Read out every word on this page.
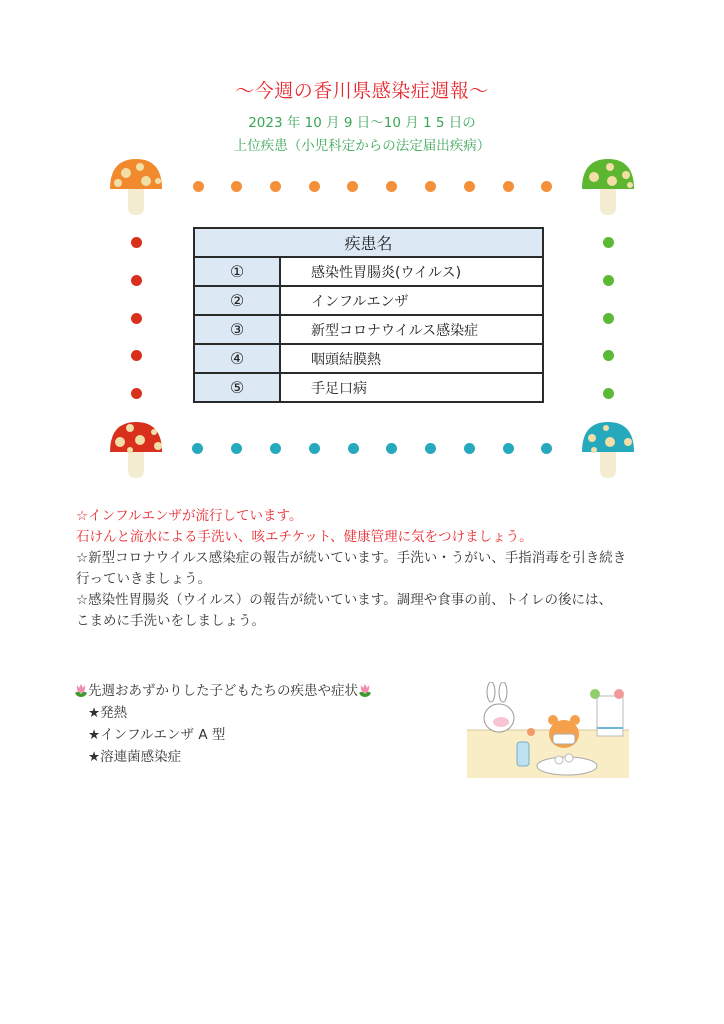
～今週の香川県感染症週報～
2023 年 10 月 9 日～10 月 1 5 日の
上位疾患（小児科定からの法定届出疾病）
疾患名	
①	感染性胃腸炎(ウイルス)
②	インフルエンザ
③	新型コロナウイルス感染症
④	咽頭結膜熱
⑤	手足口病
☆インフルエンザが流行しています。
石けんと流水による手洗い、咳エチケット、健康管理に気をつけましょう。
☆新型コロナウイルス感染症の報告が続いています。手洗い・うがい、手指消毒を引き続き
行っていきましょう。
☆感染性胃腸炎（ウイルス）の報告が続いています。調理や食事の前、トイレの後には、
こまめに手洗いをしましょう。
先週おあずかりした子どもたちの疾患や症状
★発熱
★インフルエンザ A 型
★溶連菌感染症
